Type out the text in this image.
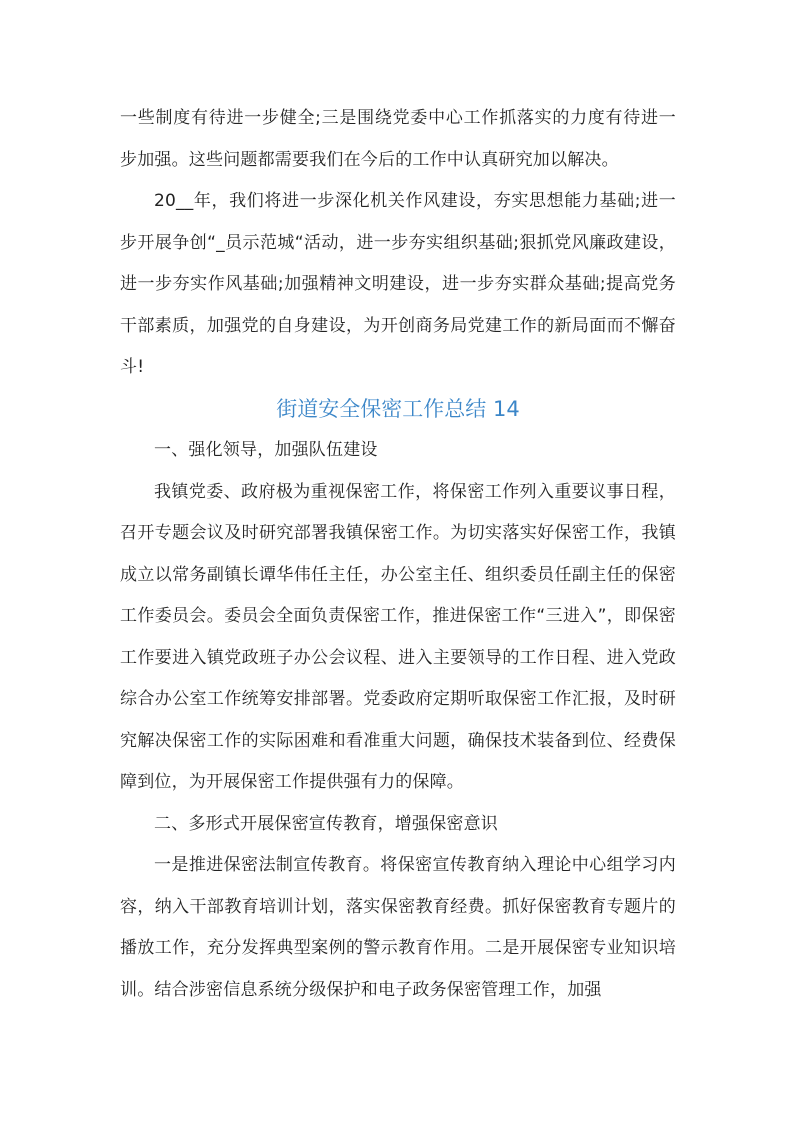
一些制度有待进一步健全;三是围绕党委中心工作抓落实的力度有待进一步加强。这些问题都需要我们在今后的工作中认真研究加以解决。

20__年，我们将进一步深化机关作风建设，夯实思想能力基础;进一步开展争创“_员示范城“活动，进一步夯实组织基础;狠抓党风廉政建设，进一步夯实作风基础;加强精神文明建设，进一步夯实群众基础;提高党务干部素质，加强党的自身建设，为开创商务局党建工作的新局面而不懈奋斗!

街道安全保密工作总结 14

一、强化领导，加强队伍建设

我镇党委、政府极为重视保密工作，将保密工作列入重要议事日程，召开专题会议及时研究部署我镇保密工作。为切实落实好保密工作，我镇成立以常务副镇长谭华伟任主任，办公室主任、组织委员任副主任的保密工作委员会。委员会全面负责保密工作，推进保密工作“三进入”，即保密工作要进入镇党政班子办公会议程、进入主要领导的工作日程、进入党政综合办公室工作统筹安排部署。党委政府定期听取保密工作汇报，及时研究解决保密工作的实际困难和看准重大问题，确保技术装备到位、经费保障到位，为开展保密工作提供强有力的保障。

二、多形式开展保密宣传教育，增强保密意识

一是推进保密法制宣传教育。将保密宣传教育纳入理论中心组学习内容，纳入干部教育培训计划，落实保密教育经费。抓好保密教育专题片的播放工作，充分发挥典型案例的警示教育作用。二是开展保密专业知识培训。结合涉密信息系统分级保护和电子政务保密管理工作，加强
